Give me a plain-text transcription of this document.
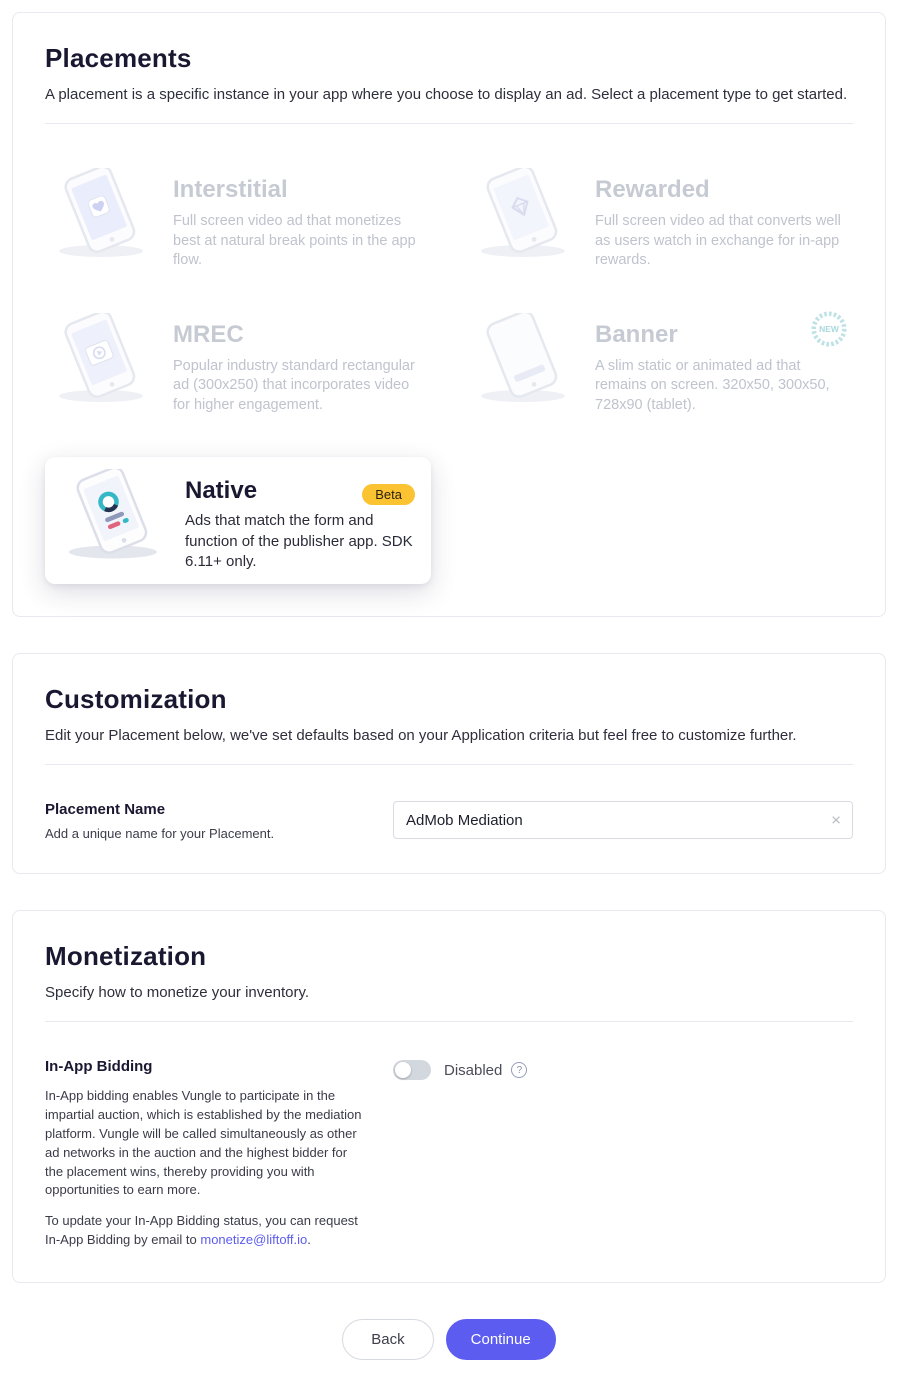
Placements

A placement is a specific instance in your app where you choose to display an ad. Select a placement type to get started.

Interstitial
Full screen video ad that monetizes best at natural break points in the app flow.
Rewarded
Full screen video ad that converts well as users watch in exchange for in-app rewards.
MREC
Popular industry standard rectangular ad (300x250) that incorporates video for higher engagement.
Banner
A slim static or animated ad that remains on screen. 320x50, 300x50, 728x90 (tablet).
NEW
Native	Beta
Ads that match the form and function of the publisher app. SDK 6.11+ only.
Customization

Edit your Placement below, we've set defaults based on your Application criteria but feel free to customize further.

Placement Name

Add a unique name for your Placement.

AdMob Mediation
×
Monetization

Specify how to monetize your inventory.

In-App Bidding

In-App bidding enables Vungle to participate in the impartial auction, which is established by the mediation platform. Vungle will be called simultaneously as other ad networks in the auction and the highest bidder for the placement wins, thereby providing you with opportunities to earn more.

To update your In-App Bidding status, you can request In-App Bidding by email to monetize@liftoff.io.

Disabled	?
Back	Continue
